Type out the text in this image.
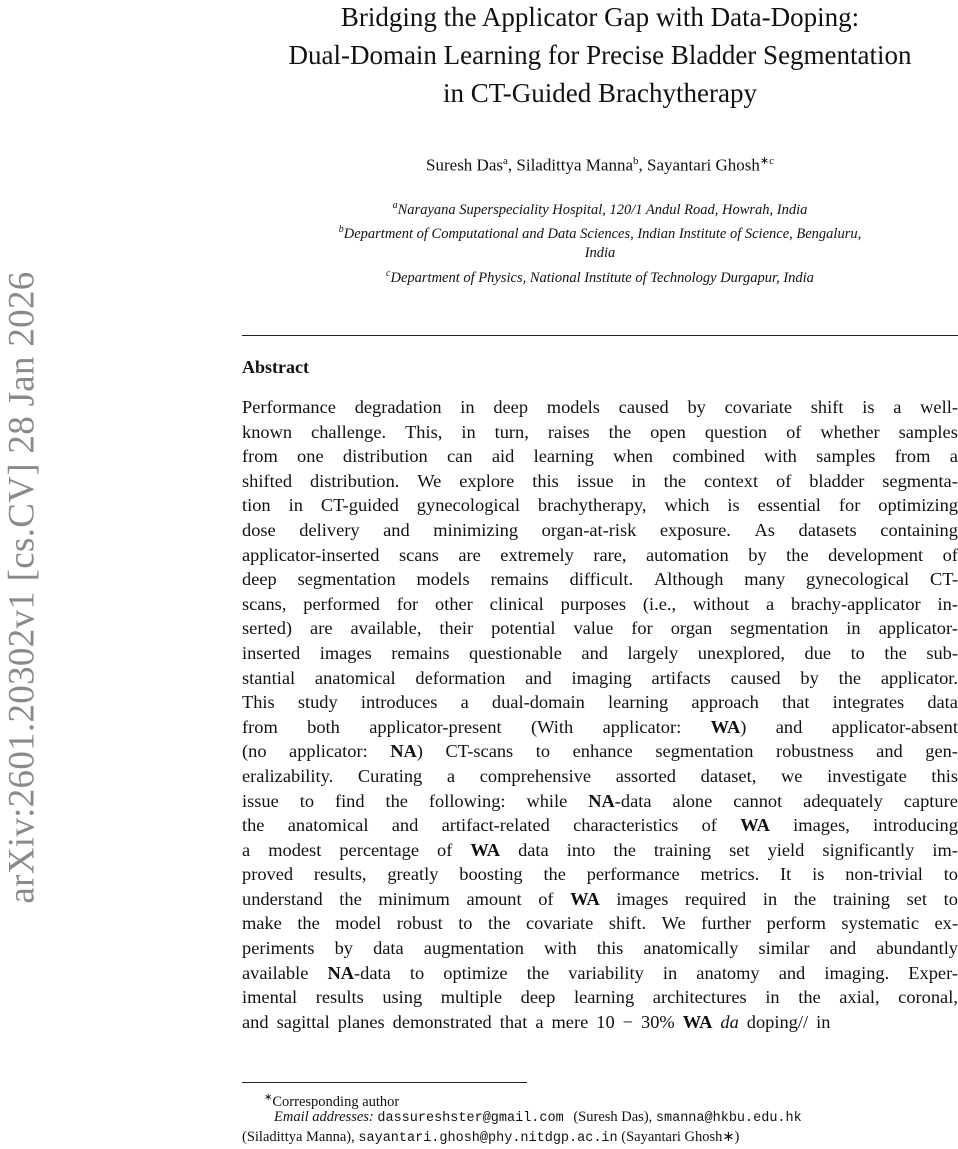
arXiv:2601.20302v1 [cs.CV] 28 Jan 2026
Bridging the Applicator Gap with Data-Doping:
Dual-Domain Learning for Precise Bladder Segmentation
in CT-Guided Brachytherapy
Suresh Das$^a$, Siladittya Manna$^b$, Sayantari Ghosh$^{∗c}$
$^a$Narayana Superspeciality Hospital, 120/1 Andul Road, Howrah, India
$^b$Department of Computational and Data Sciences, Indian Institute of Science, Bengaluru,
India
$^c$Department of Physics, National Institute of Technology Durgapur, India
Abstract
Performance degradation in deep models caused by covariate shift is a well-
known challenge. This, in turn, raises the open question of whether samples
from one distribution can aid learning when combined with samples from a
shifted distribution. We explore this issue in the context of bladder segmenta-
tion in CT-guided gynecological brachytherapy, which is essential for optimizing
dose delivery and minimizing organ-at-risk exposure. As datasets containing
applicator-inserted scans are extremely rare, automation by the development of
deep segmentation models remains difficult. Although many gynecological CT-
scans, performed for other clinical purposes (i.e., without a brachy-applicator in-
serted) are available, their potential value for organ segmentation in applicator-
inserted images remains questionable and largely unexplored, due to the sub-
stantial anatomical deformation and imaging artifacts caused by the applicator.
This study introduces a dual-domain learning approach that integrates data
from both applicator-present (With applicator: WA) and applicator-absent
(no applicator: NA) CT-scans to enhance segmentation robustness and gen-
eralizability. Curating a comprehensive assorted dataset, we investigate this
issue to find the following: while NA-data alone cannot adequately capture
the anatomical and artifact-related characteristics of WA images, introducing
a modest percentage of WA data into the training set yield significantly im-
proved results, greatly boosting the performance metrics. It is non-trivial to
understand the minimum amount of WA images required in the training set to
make the model robust to the covariate shift. We further perform systematic ex-
periments by data augmentation with this anatomically similar and abundantly
available NA-data to optimize the variability in anatomy and imaging. Exper-
imental results using multiple deep learning architectures in the axial, coronal,
and sagittal planes demonstrated that a mere 10 − 30% WA da doping// in
∗Corresponding author
Email addresses: dassureshster@gmail.com (Suresh Das), smanna@hkbu.edu.hk
(Siladittya Manna), sayantari.ghosh@phy.nitdgp.ac.in (Sayantari Ghosh∗)
